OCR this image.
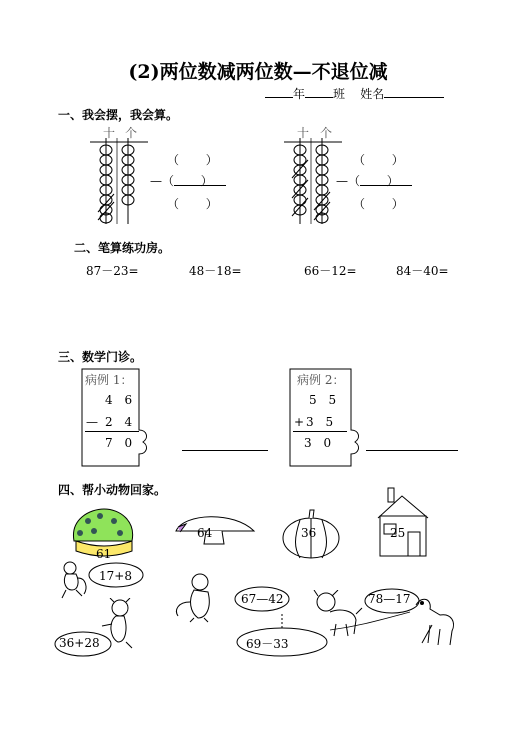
(2)两位数减两位数—不退位减
年 班 姓名
一、我会摆，我会算。
十 个
（ ）
—（ ）
（ ）
十 个
（ ）
—（ ）
（ ）
二、笔算练功房。
87－23=	48－18=	66－12=	84－40=
三、数学门诊。
病例 1：
4 6
— 2 4
7 0
病例 2：
5 5
+ 3 5
3 0
四、帮小动物回家。
61
64	36	25
17+8
67—42	78—17
36+28	69－33
